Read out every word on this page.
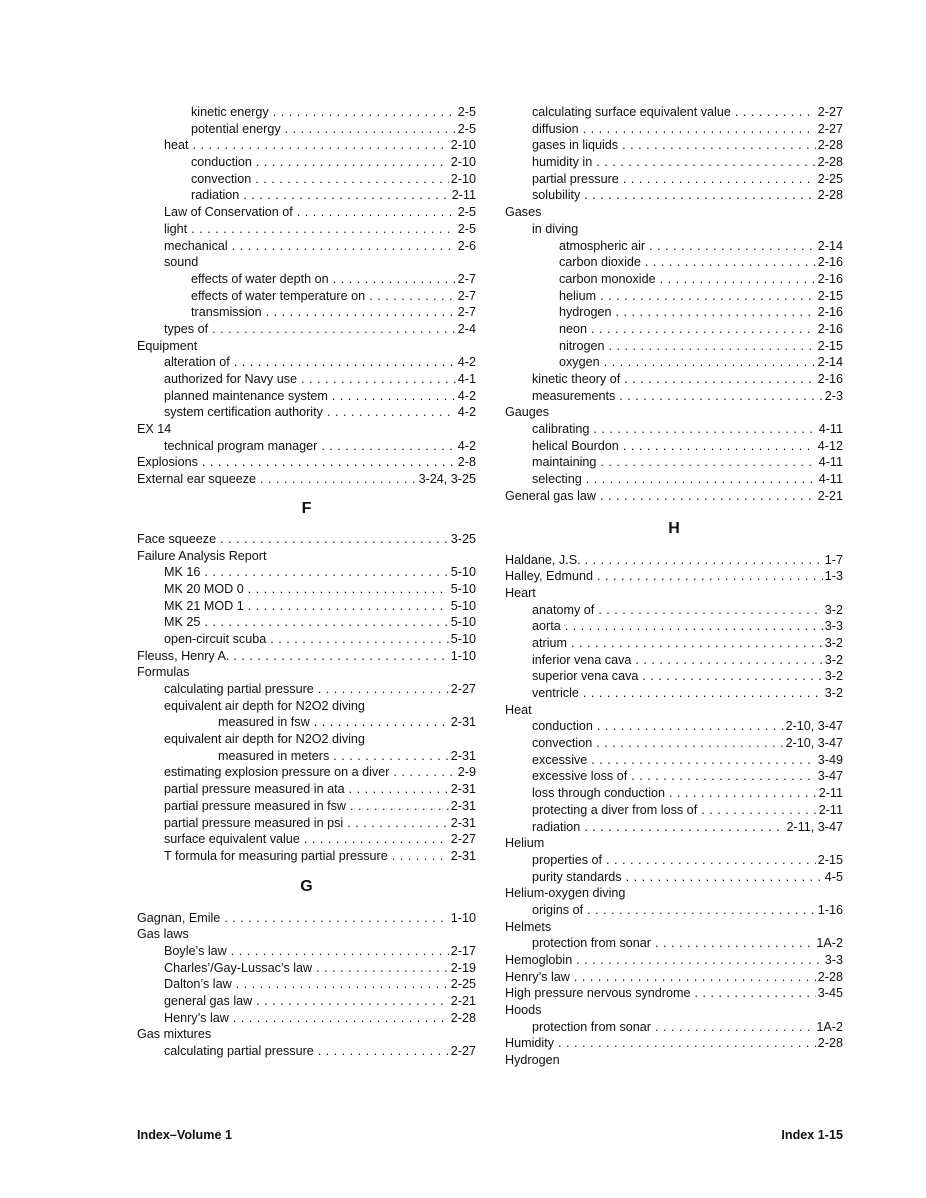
kinetic energy . . .	2-5
potential energy . . .	2-5
heat . . .	2-10
conduction . . .	2-10
convection . . .	2-10
radiation . . .	2-11
Law of Conservation of . . .	2-5
light . . .	2-5
mechanical . . .	2-6
sound
effects of water depth on . . .	2-7
effects of water temperature on . . .	2-7
transmission . . .	2-7
types of . . .	2-4
Equipment
alteration of . . .	4-2
authorized for Navy use . . .	4-1
planned maintenance system . . .	4-2
system certification authority . . .	4-2
EX 14
technical program manager . . .	4-2
Explosions . . .	2-8
External ear squeeze . . .	3-24, 3-25
F
Face squeeze . . .	3-25
Failure Analysis Report
MK 16 . . .	5-10
MK 20 MOD 0 . . .	5-10
MK 21 MOD 1 . . .	5-10
MK 25 . . .	5-10
open-circuit scuba . . .	5-10
Fleuss, Henry A. . . .	1-10
Formulas
calculating partial pressure . . .	2-27
equivalent air depth for N2O2 diving
measured in fsw . . .	2-31
equivalent air depth for N2O2 diving
measured in meters . . .	2-31
estimating explosion pressure on a diver . . .	2-9
partial pressure measured in ata . . .	2-31
partial pressure measured in fsw . . .	2-31
partial pressure measured in psi . . .	2-31
surface equivalent value . . .	2-27
T formula for measuring partial pressure . . .	2-31
G
Gagnan, Emile . . .	1-10
Gas laws
Boyle’s law . . .	2-17
Charles’/Gay-Lussac’s law . . .	2-19
Dalton’s law . . .	2-25
general gas law . . .	2-21
Henry’s law . . .	2-28
Gas mixtures
calculating partial pressure . . .	2-27
calculating surface equivalent value . . .	2-27
diffusion . . .	2-27
gases in liquids . . .	2-28
humidity in . . .	2-28
partial pressure . . .	2-25
solubility . . .	2-28
Gases
in diving
atmospheric air . . .	2-14
carbon dioxide . . .	2-16
carbon monoxide . . .	2-16
helium . . .	2-15
hydrogen . . .	2-16
neon . . .	2-16
nitrogen . . .	2-15
oxygen . . .	2-14
kinetic theory of . . .	2-16
measurements . . .	2-3
Gauges
calibrating . . .	4-11
helical Bourdon . . .	4-12
maintaining . . .	4-11
selecting . . .	4-11
General gas law . . .	2-21
H
Haldane, J.S. . . .	1-7
Halley, Edmund . . .	1-3
Heart
anatomy of . . .	3-2
aorta . . .	3-3
atrium . . .	3-2
inferior vena cava . . .	3-2
superior vena cava . . .	3-2
ventricle . . .	3-2
Heat
conduction . . .	2-10, 3-47
convection . . .	2-10, 3-47
excessive . . .	3-49
excessive loss of . . .	3-47
loss through conduction . . .	2-11
protecting a diver from loss of . . .	2-11
radiation . . .	2-11, 3-47
Helium
properties of . . .	2-15
purity standards . . .	4-5
Helium-oxygen diving
origins of . . .	1-16
Helmets
protection from sonar . . .	1A-2
Hemoglobin . . .	3-3
Henry’s law . . .	2-28
High pressure nervous syndrome . . .	3-45
Hoods
protection from sonar . . .	1A-2
Humidity . . .	2-28
Hydrogen
Index–Volume 1	Index 1-15
